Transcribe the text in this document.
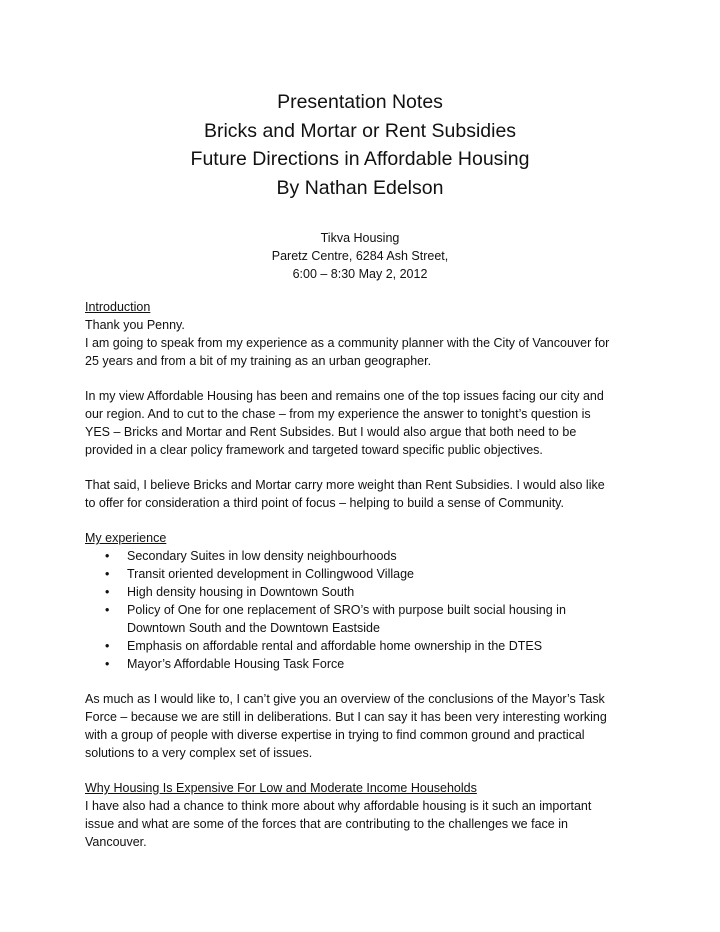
Presentation Notes
Bricks and Mortar or Rent Subsidies
Future Directions in Affordable Housing
By Nathan Edelson
Tikva Housing
Paretz Centre, 6284 Ash Street,
6:00 – 8:30 May 2, 2012

Introduction

Thank you Penny.

I am going to speak from my experience as a community planner with the City of Vancouver for

25 years and from a bit of my training as an urban geographer.

In my view Affordable Housing has been and remains one of the top issues facing our city and

our region. And to cut to the chase – from my experience the answer to tonight’s question is

YES – Bricks and Mortar and Rent Subsides. But I would also argue that both need to be

provided in a clear policy framework and targeted toward specific public objectives.

That said, I believe Bricks and Mortar carry more weight than Rent Subsidies. I would also like

to offer for consideration a third point of focus – helping to build a sense of Community.

My experience

• Secondary Suites in low density neighbourhoods
• Transit oriented development in Collingwood Village
• High density housing in Downtown South
• Policy of One for one replacement of SRO’s with purpose built social housing in
Downtown South and the Downtown Eastside
• Emphasis on affordable rental and affordable home ownership in the DTES
• Mayor’s Affordable Housing Task Force

As much as I would like to, I can’t give you an overview of the conclusions of the Mayor’s Task

Force – because we are still in deliberations. But I can say it has been very interesting working

with a group of people with diverse expertise in trying to find common ground and practical

solutions to a very complex set of issues.

Why Housing Is Expensive For Low and Moderate Income Households

I have also had a chance to think more about why affordable housing is it such an important

issue and what are some of the forces that are contributing to the challenges we face in

Vancouver.
